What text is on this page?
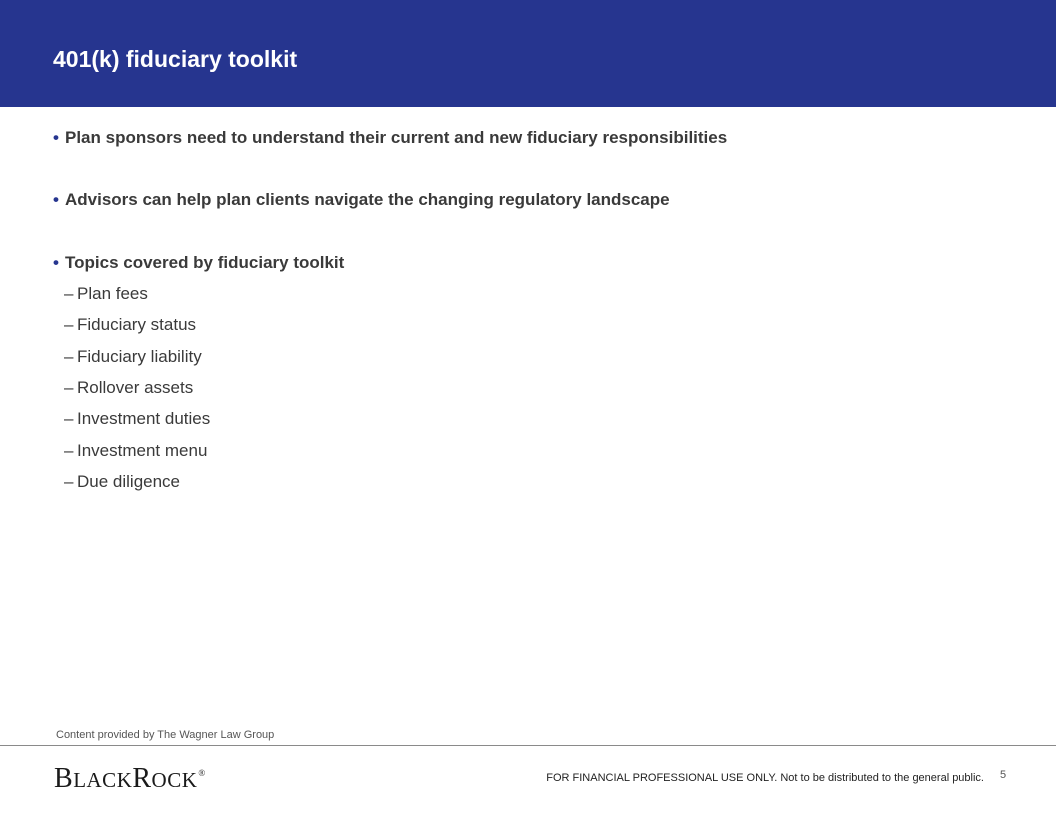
401(k) fiduciary toolkit
• Plan sponsors need to understand their current and new fiduciary responsibilities
• Advisors can help plan clients navigate the changing regulatory landscape
• Topics covered by fiduciary toolkit
– Plan fees
– Fiduciary status
– Fiduciary liability
– Rollover assets
– Investment duties
– Investment menu
– Due diligence
Content provided by The Wagner Law Group
BLACKROCK®	FOR FINANCIAL PROFESSIONAL USE ONLY. Not to be distributed to the general public. 5
